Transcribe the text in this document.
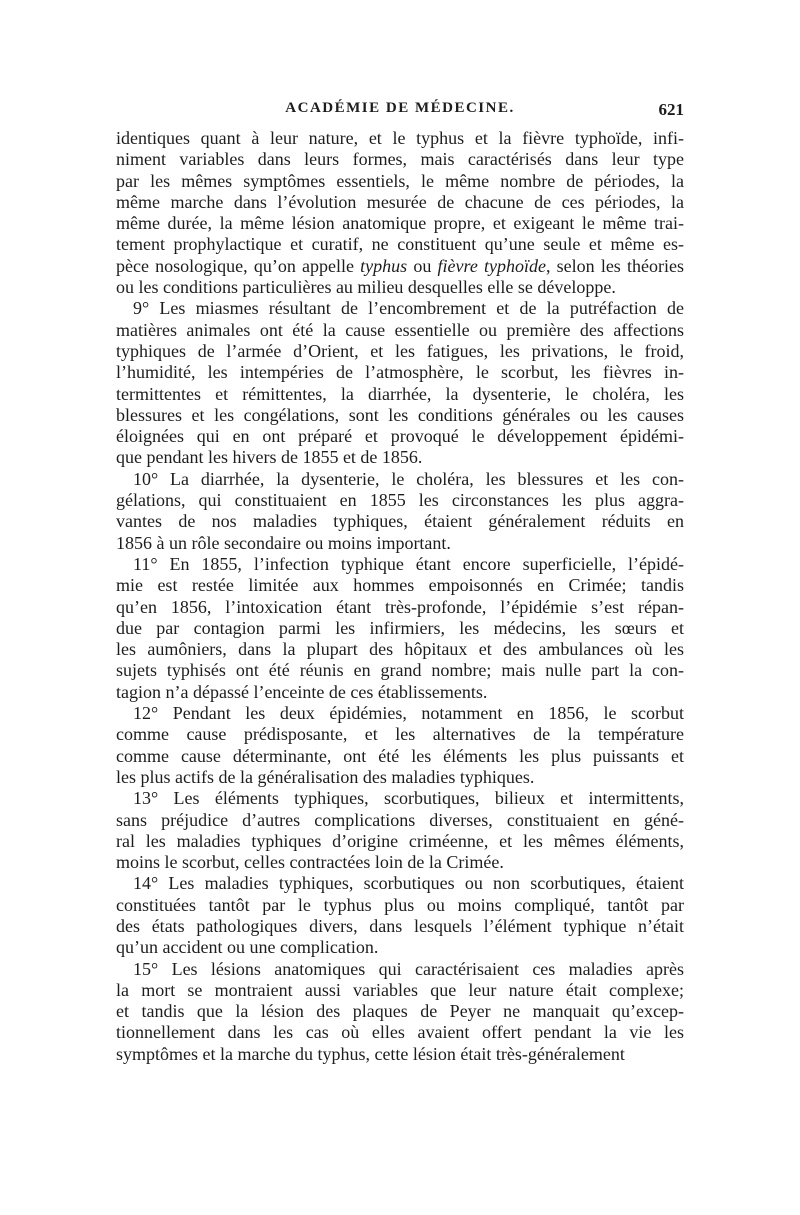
ACADÉMIE DE MÉDECINE.	621
identiques quant à leur nature, et le typhus et la fièvre typhoïde, infi-
niment variables dans leurs formes, mais caractérisés dans leur type
par les mêmes symptômes essentiels, le même nombre de périodes, la
même marche dans l’évolution mesurée de chacune de ces périodes, la
même durée, la même lésion anatomique propre, et exigeant le même trai-
tement prophylactique et curatif, ne constituent qu’une seule et même es-
pèce nosologique, qu’on appelle typhus ou fièvre typhoïde, selon les théories
ou les conditions particulières au milieu desquelles elle se développe.
9° Les miasmes résultant de l’encombrement et de la putréfaction de
matières animales ont été la cause essentielle ou première des affections
typhiques de l’armée d’Orient, et les fatigues, les privations, le froid,
l’humidité, les intempéries de l’atmosphère, le scorbut, les fièvres in-
termittentes et rémittentes, la diarrhée, la dysenterie, le choléra, les
blessures et les congélations, sont les conditions générales ou les causes
éloignées qui en ont préparé et provoqué le développement épidémi-
que pendant les hivers de 1855 et de 1856.
10° La diarrhée, la dysenterie, le choléra, les blessures et les con-
gélations, qui constituaient en 1855 les circonstances les plus aggra-
vantes de nos maladies typhiques, étaient généralement réduits en
1856 à un rôle secondaire ou moins important.
11° En 1855, l’infection typhique étant encore superficielle, l’épidé-
mie est restée limitée aux hommes empoisonnés en Crimée; tandis
qu’en 1856, l’intoxication étant très-profonde, l’épidémie s’est répan-
due par contagion parmi les infirmiers, les médecins, les sœurs et
les aumôniers, dans la plupart des hôpitaux et des ambulances où les
sujets typhisés ont été réunis en grand nombre; mais nulle part la con-
tagion n’a dépassé l’enceinte de ces établissements.
12° Pendant les deux épidémies, notamment en 1856, le scorbut
comme cause prédisposante, et les alternatives de la température
comme cause déterminante, ont été les éléments les plus puissants et
les plus actifs de la généralisation des maladies typhiques.
13° Les éléments typhiques, scorbutiques, bilieux et intermittents,
sans préjudice d’autres complications diverses, constituaient en géné-
ral les maladies typhiques d’origine criméenne, et les mêmes éléments,
moins le scorbut, celles contractées loin de la Crimée.
14° Les maladies typhiques, scorbutiques ou non scorbutiques, étaient
constituées tantôt par le typhus plus ou moins compliqué, tantôt par
des états pathologiques divers, dans lesquels l’élément typhique n’était
qu’un accident ou une complication.
15° Les lésions anatomiques qui caractérisaient ces maladies après
la mort se montraient aussi variables que leur nature était complexe;
et tandis que la lésion des plaques de Peyer ne manquait qu’excep-
tionnellement dans les cas où elles avaient offert pendant la vie les
symptômes et la marche du typhus, cette lésion était très-généralement
